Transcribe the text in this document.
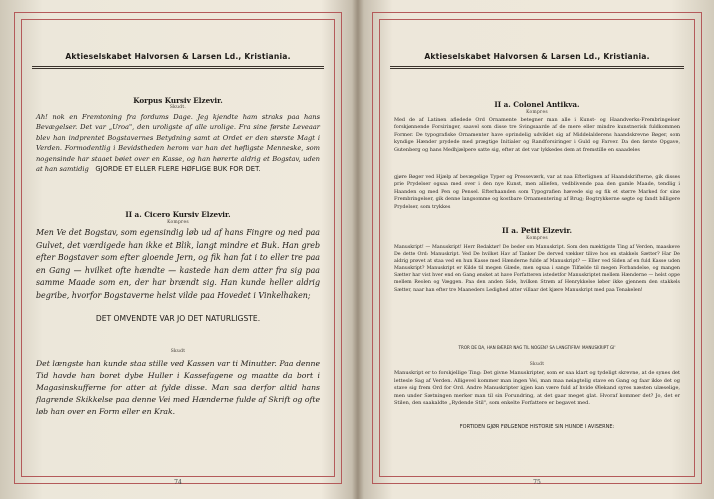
Aktieselskabet Halvorsen & Larsen Ld., Kristiania.
Korpus Kursiv Elzevir.
Skudt.
Ah! nok en Fremtoning fra fordums Dage. Jeg kjendte ham straks paa hans Bevægelser. Det var „Uroa", den uroligste af alle urolige. Fra sine første Leveaar blev han indprentet Bogstavernes Betydning samt at Ordet er den største Magt i Verden. Formodentlig i Bevidstheden herom var han det høfligste Menneske, som nogensinde har staaet bøiet over en Kasse, og han hørerte aldrig et Bogstav, uden at han samtidig GJORDE ET ELLER FLERE HØFLIGE BUK FOR DET.
II a. Cicero Kursiv Elzevir.
Kompres
Men Ve det Bogstav, som egensindig løb ud af hans Fingre og ned paa Gulvet, det værdigede han ikke et Blik, langt mindre et Buk. Han greb efter Bogstaver som efter gloende Jern, og fik han fat i to eller tre paa en Gang — hvilket ofte hændte — kastede han dem atter fra sig paa samme Maade som en, der har brændt sig. Han kunde heller aldrig begribe, hvorfor Bogstaverne helst vilde paa Hovedet i Vinkelhaken;
DET OMVENDTE VAR JO DET NATURLIGSTE.
Skudt
Det længste han kunde staa stille ved Kassen var ti Minutter. Paa denne Tid havde han boret dybe Huller i Kassefagene og maatte da bort i Magasinskufferne for atter at fylde disse. Man saa derfor altid hans flagrende Skikkelse paa denne Vei med Hænderne fulde af Skrift og ofte løb han over en Form eller en Krak.
74
Aktieselskabet Halvorsen & Larsen Ld., Kristiania.
II a. Colonel Antikva.
Kompres
Med de af Latinen afledede Ord Ornamente betegner man alle i Kunst- og Haandverks-Frembringelser forskjønnende Forsiringer, saavel som disse tre Svingsaarde af de mere eller mindre kunstnerisk fuldkommen Former. De typografiske Ornamenter have oprindelig udviklet sig af Middelalderens haandskrevne Bøger, som kyndige Hænder prydede med prægtige Initialer og Randforsiringer i Guld og Farver. Da den første Opgave, Gutenberg og hans Medhjælpere satte sig, efter at det var lykkedes dem at fremstille en saaadeles
gjøre Bøger ved Hjælp af bevægelige Typer og Presseværk, var at naa Efterlignen af Haandskrifterne, gik disses prie Prydelser ogsaa med over i den nye Kunst, men alliefen, vedblivende paa den gamle Maade, tendlig i Haanden og med Pen og Pensel. Efterhaanden som Typografien hævede sig og fik et større Marked for sine Frembringelser, gik denne langsomme og kostbare Ornamentering af Brug; Bogtrykkerne søgte og fandt billigere Prydelser, som trykkes
II a. Petit Elzevir.
Kompres
Manuskript! — Manuskript! Herr Redaktør! De beder om Manuskript. Som den mæktigste Ting af Verden, maaskeve De dette Ord: Manuskript. Ved De hvilket Hav af Tanker De derved vækker tilive hos en stakkels Sætter? Har De aldrig prøvet at staa ved en hun Kasse med Hænderne fulde af Manuskript? — Eller ved Siden af en fuld Kasse uden Manuskript? Manuskript er Kilde til megen Glæde, men ogsaa i sange Tilfælde til megen Forbandelse, og mangen Sætter har vist hver end en Gang ønsket at have Forfatteren istedetfor Manuskriptet mellem Hænderne — helst oppe mellem Reolen og Væggen. Paa den anden Side, hvilken Strøm af Henrykkelse løber ikke gjennem den stakkels Sætter, naar han efter tre Maaneders Ledighed atter villaar det kjære Manuskript med paa Tenakelen!
TROR DE DA, HAN BÆRER NAG TIL NOGEN? SA LANGTIFRA! MANUSKRIPT GI'
Skudt
Manuskript er to forskjellige Ting: Det givne Manuskripter, som er saa klart og tydeligt skrevne, at de synes det lettesle Sag af Verden. Alligevel kommer man ingen Vei, man maa nøiagtelig stave en Gang og faar ikke det og stave sig frem Ord for Ord. Andre Manuskripter igjen kan være fuld af hvide Ølekand syres næsten ulæselige, men under Sætningen merker man til sin Forundring, at det gaar meget glat. Hvoraf kommer det? Jo, det er Stilen, den saakaldte „Rydende Stil", som enkelte Forfattere er begavet med.
FORTIDEN GJØR FØLGENDE HISTORIE SIN HUNDE I AVISERNE:
75
